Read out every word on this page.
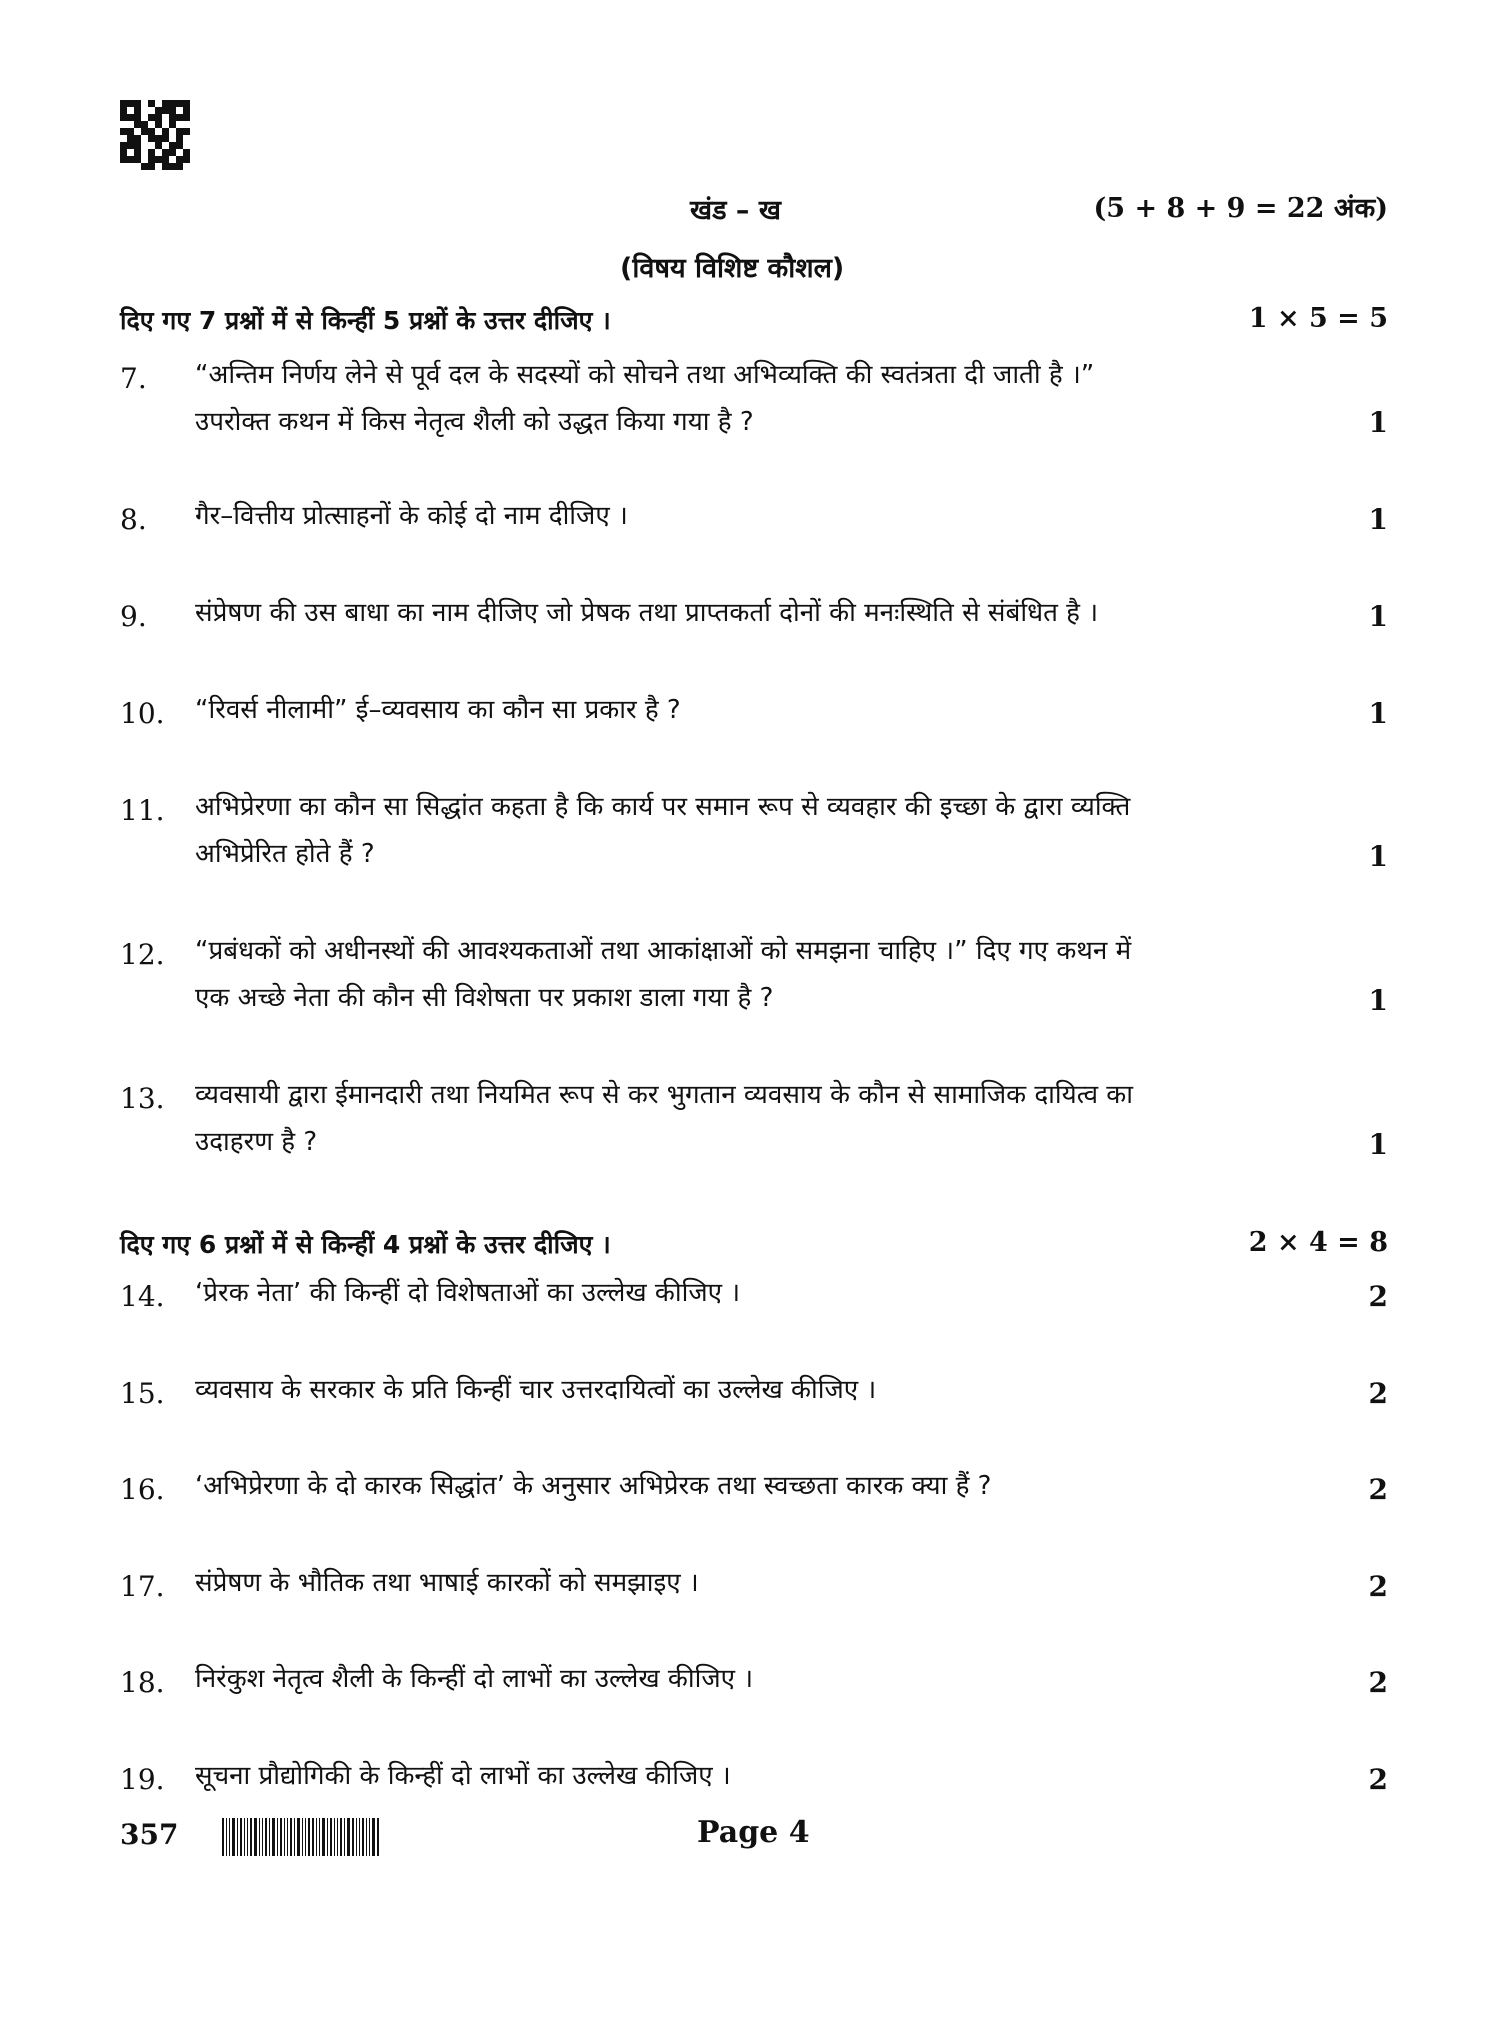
खंड – ख	(5 + 8 + 9 = 22 अंक)
(विषय विशिष्ट कौशल)
दिए गए 7 प्रश्नों में से किन्हीं 5 प्रश्नों के उत्तर दीजिए ।	1 × 5 = 5
7.	“अन्तिम निर्णय लेने से पूर्व दल के सदस्यों को सोचने तथा अभिव्यक्ति की स्वतंत्रता दी जाती है ।”
उपरोक्त कथन में किस नेतृत्व शैली को उद्धत किया गया है ?	1
8.	गैर–वित्तीय प्रोत्साहनों के कोई दो नाम दीजिए ।	1
9.	संप्रेषण की उस बाधा का नाम दीजिए जो प्रेषक तथा प्राप्तकर्ता दोनों की मनःस्थिति से संबंधित है ।	1
10.	“रिवर्स नीलामी” ई–व्यवसाय का कौन सा प्रकार है ?	1
11.	अभिप्रेरणा का कौन सा सिद्धांत कहता है कि कार्य पर समान रूप से व्यवहार की इच्छा के द्वारा व्यक्ति
अभिप्रेरित होते हैं ?	1
12.	“प्रबंधकों को अधीनस्थों की आवश्यकताओं तथा आकांक्षाओं को समझना चाहिए ।” दिए गए कथन में
एक अच्छे नेता की कौन सी विशेषता पर प्रकाश डाला गया है ?	1
13.	व्यवसायी द्वारा ईमानदारी तथा नियमित रूप से कर भुगतान व्यवसाय के कौन से सामाजिक दायित्व का
उदाहरण है ?	1
दिए गए 6 प्रश्नों में से किन्हीं 4 प्रश्नों के उत्तर दीजिए ।	2 × 4 = 8
14.	‘प्रेरक नेता’ की किन्हीं दो विशेषताओं का उल्लेख कीजिए ।	2
15.	व्यवसाय के सरकार के प्रति किन्हीं चार उत्तरदायित्वों का उल्लेख कीजिए ।	2
16.	‘अभिप्रेरणा के दो कारक सिद्धांत’ के अनुसार अभिप्रेरक तथा स्वच्छता कारक क्या हैं ?	2
17.	संप्रेषण के भौतिक तथा भाषाई कारकों को समझाइए ।	2
18.	निरंकुश नेतृत्व शैली के किन्हीं दो लाभों का उल्लेख कीजिए ।	2
19.	सूचना प्रौद्योगिकी के किन्हीं दो लाभों का उल्लेख कीजिए ।	2
357	Page 4
